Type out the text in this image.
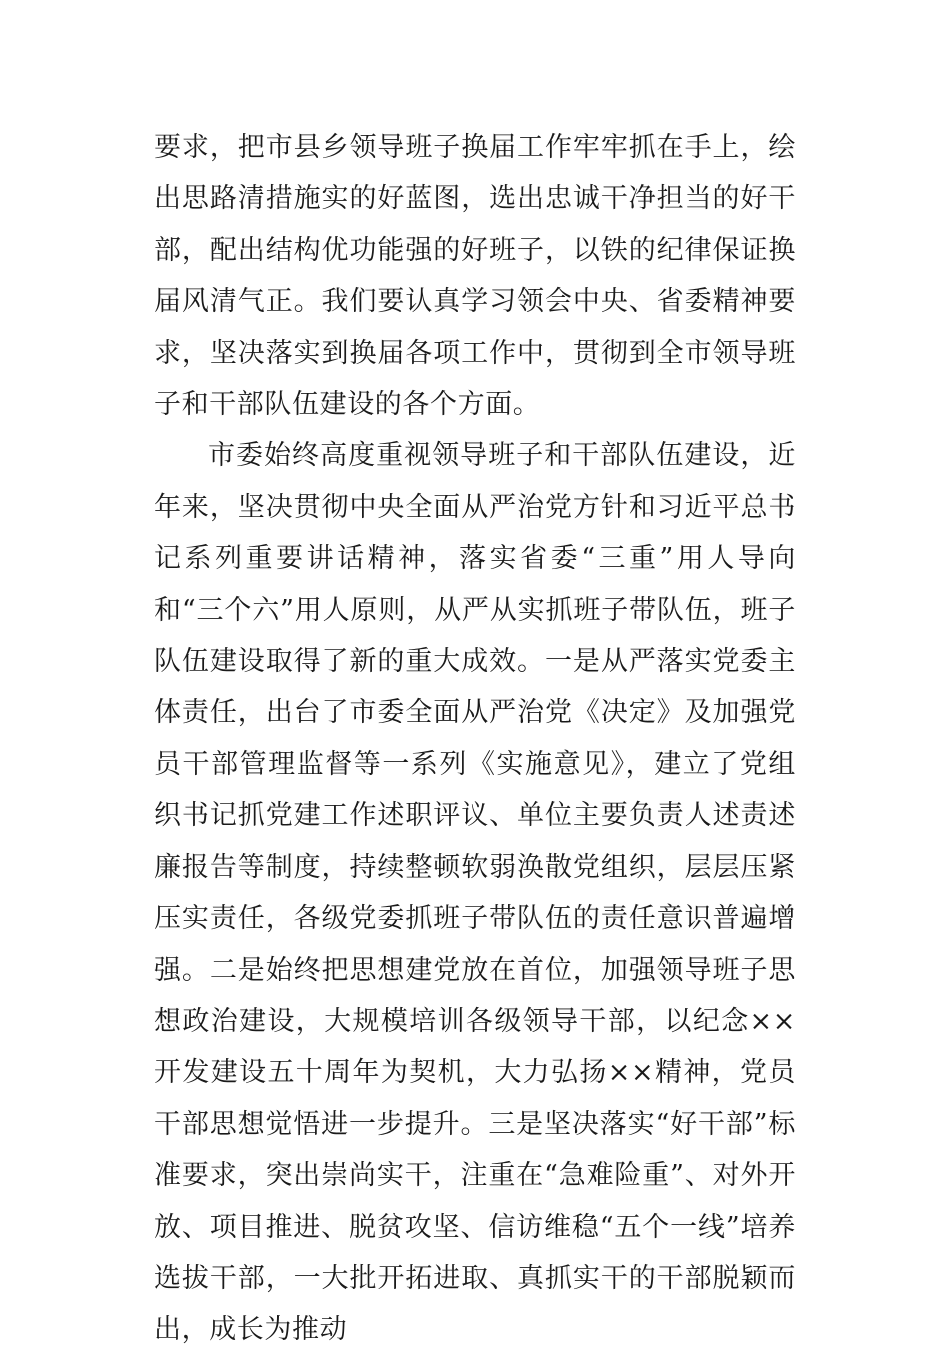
要求，把市县乡领导班子换届工作牢牢抓在手上，绘出思路清措施实的好蓝图，选出忠诚干净担当的好干部，配出结构优功能强的好班子，以铁的纪律保证换届风清气正。我们要认真学习领会中央、省委精神要求，坚决落实到换届各项工作中，贯彻到全市领导班子和干部队伍建设的各个方面。

市委始终高度重视领导班子和干部队伍建设，近年来，坚决贯彻中央全面从严治党方针和习近平总书记系列重要讲话精神，落实省委“三重”用人导向和“三个六”用人原则，从严从实抓班子带队伍，班子队伍建设取得了新的重大成效。一是从严落实党委主体责任，出台了市委全面从严治党《决定》及加强党员干部管理监督等一系列《实施意见》，建立了党组织书记抓党建工作述职评议、单位主要负责人述责述廉报告等制度，持续整顿软弱涣散党组织，层层压紧压实责任，各级党委抓班子带队伍的责任意识普遍增强。二是始终把思想建党放在首位，加强领导班子思想政治建设，大规模培训各级领导干部，以纪念××开发建设五十周年为契机，大力弘扬××精神，党员干部思想觉悟进一步提升。三是坚决落实“好干部”标准要求，突出崇尚实干，注重在“急难险重”、对外开放、项目推进、脱贫攻坚、信访维稳“五个一线”培养选拔干部，一大批开拓进取、真抓实干的干部脱颖而出，成长为推动
